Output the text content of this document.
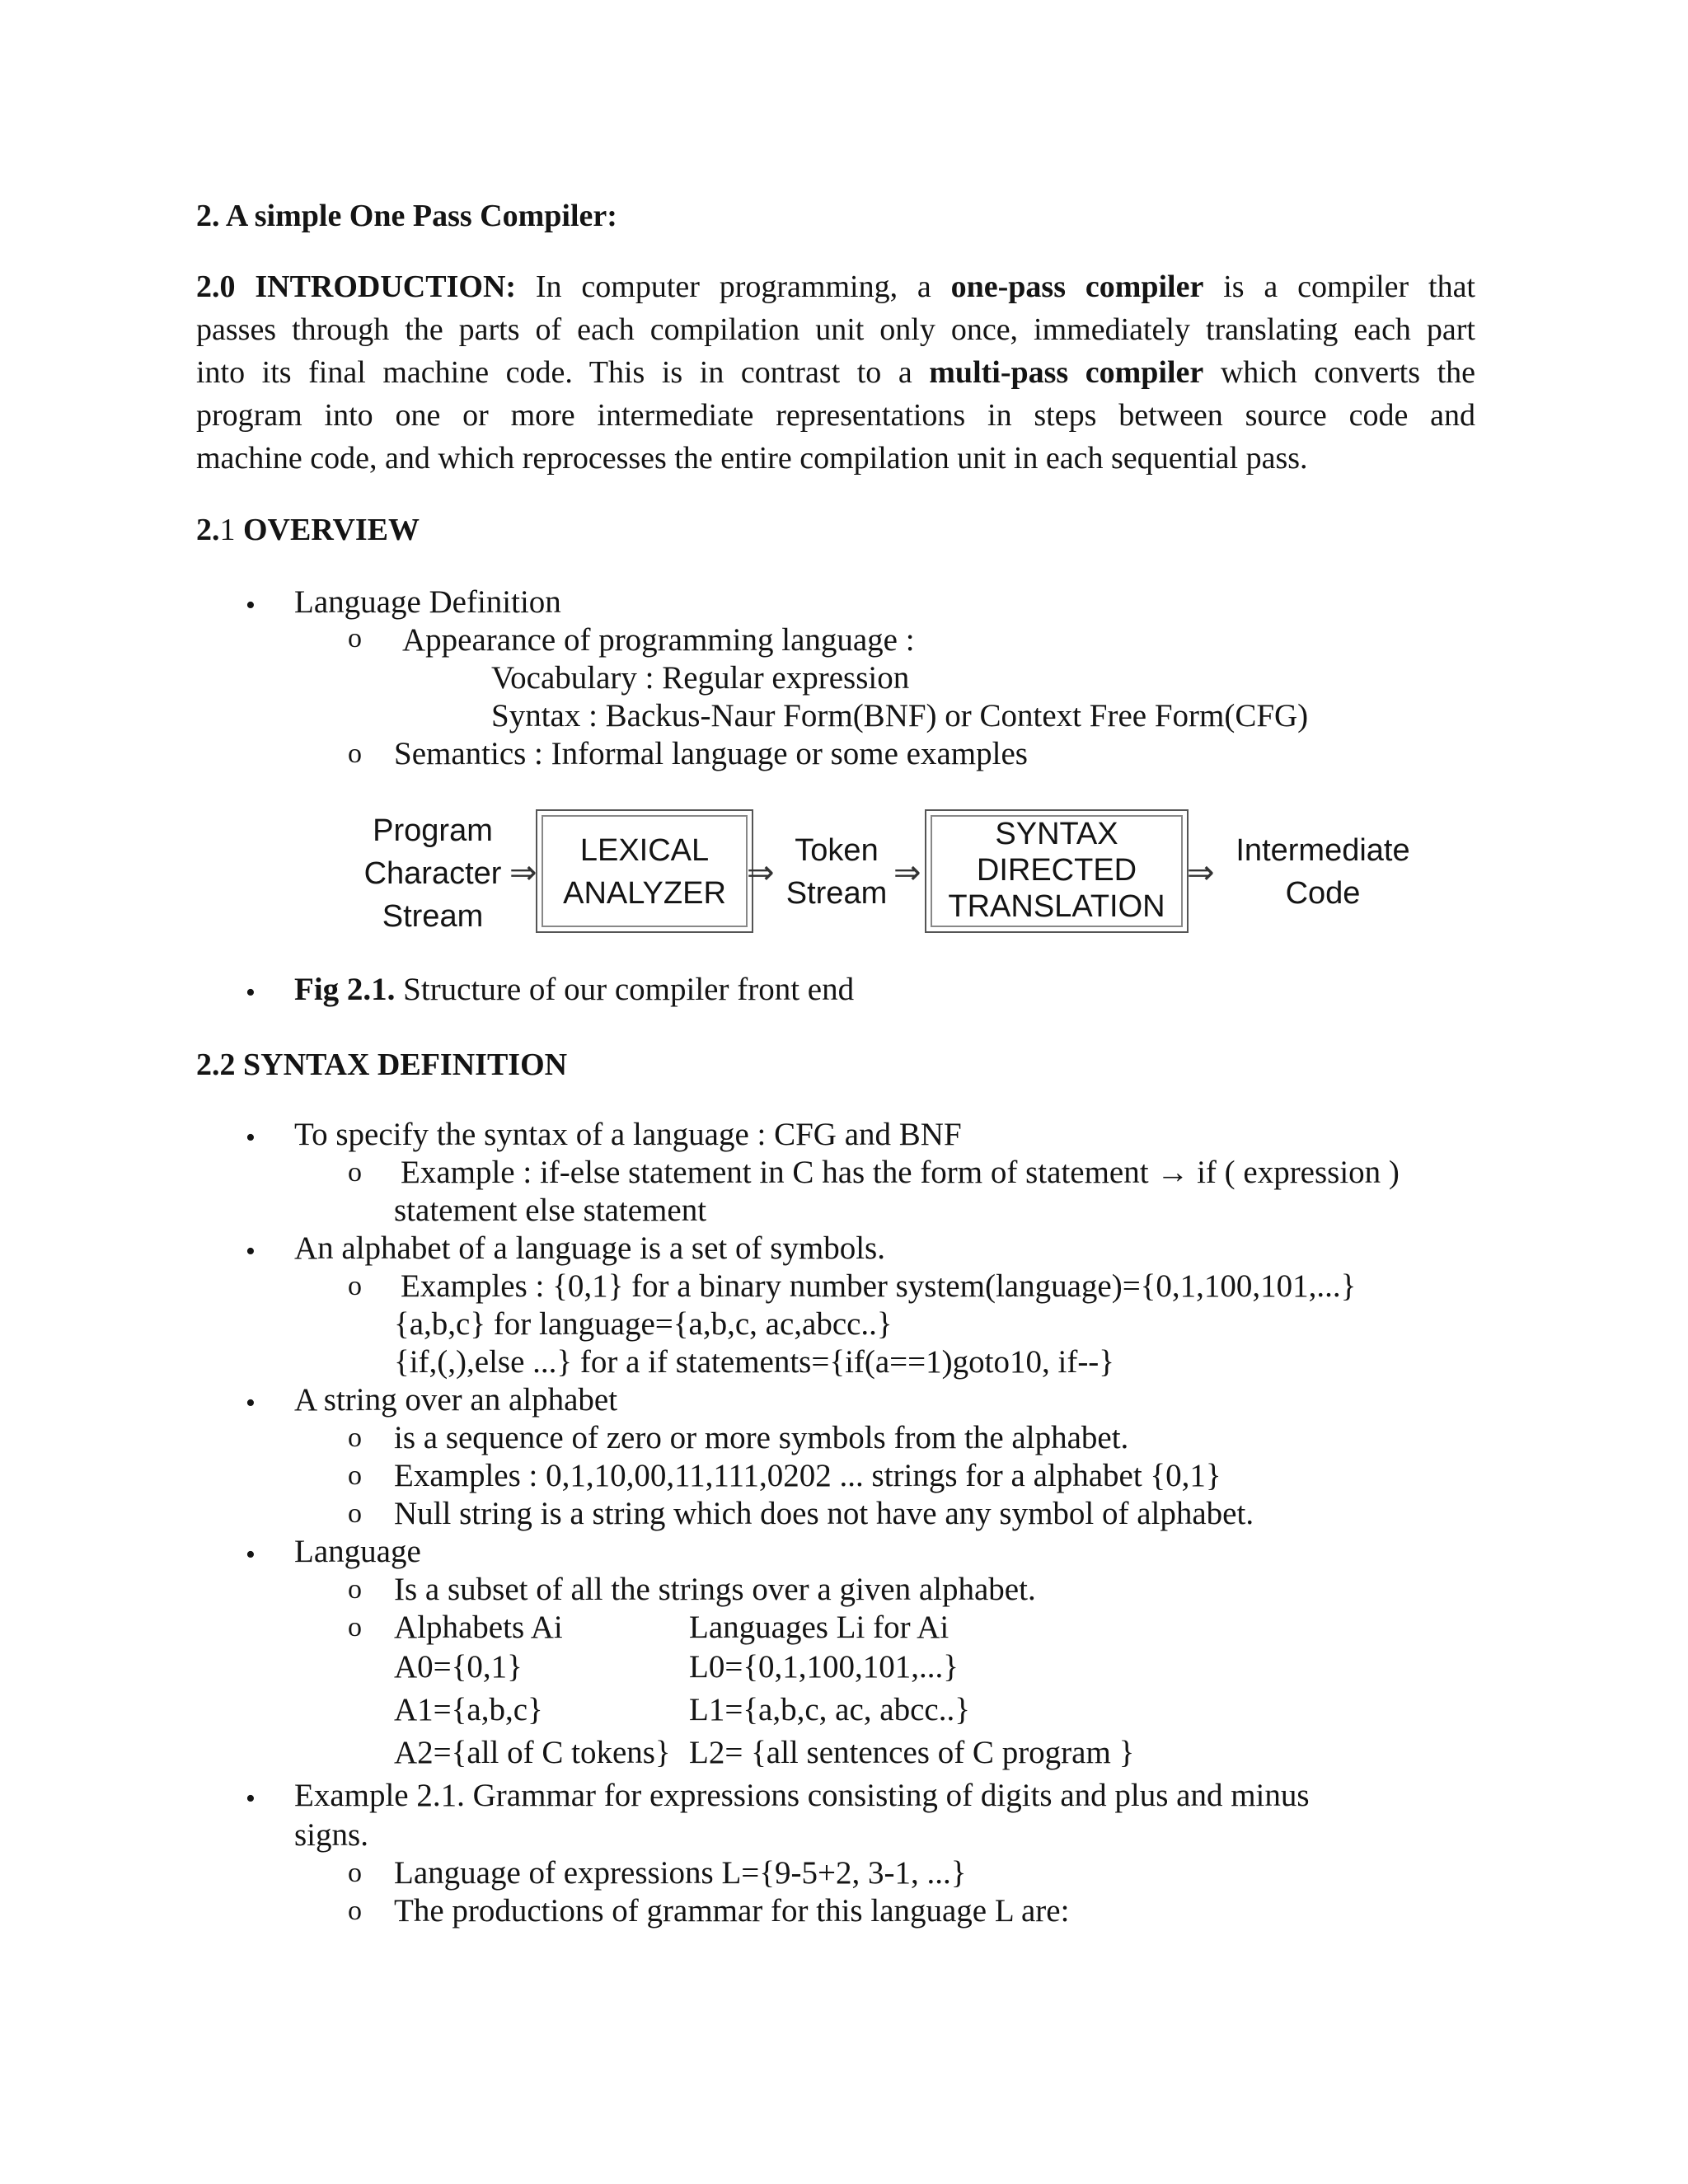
2. A simple One Pass Compiler:
2.0 INTRODUCTION: In computer programming, a one-pass compiler is a compiler that
passes through the parts of each compilation unit only once, immediately translating each part
into its final machine code. This is in contrast to a multi-pass compiler which converts the
program into one or more intermediate representations in steps between source code and
machine code, and which reprocesses the entire compilation unit in each sequential pass.
2.1 OVERVIEW
• Language Definition
o Appearance of programming language :
Vocabulary : Regular expression
Syntax : Backus-Naur Form(BNF) or Context Free Form(CFG)
o Semantics : Informal language or some examples
Program
Character
Stream
⇒
LEXICAL
ANALYZER
⇒
Token
Stream
⇒
SYNTAX
DIRECTED
TRANSLATION
⇒
Intermediate
Code
• Fig 2.1. Structure of our compiler front end
2.2 SYNTAX DEFINITION
• To specify the syntax of a language : CFG and BNF
o Example : if-else statement in C has the form of statement → if ( expression )
statement else statement
• An alphabet of a language is a set of symbols.
o Examples : {0,1} for a binary number system(language)={0,1,100,101,...}
{a,b,c} for language={a,b,c, ac,abcc..}
{if,(,),else ...} for a if statements={if(a==1)goto10, if--}
• A string over an alphabet
o is a sequence of zero or more symbols from the alphabet.
o Examples : 0,1,10,00,11,111,0202 ... strings for a alphabet {0,1}
o Null string is a string which does not have any symbol of alphabet.
• Language
o Is a subset of all the strings over a given alphabet.
o Alphabets Ai	Languages Li for Ai
A0={0,1}	L0={0,1,100,101,...}
A1={a,b,c}	L1={a,b,c, ac, abcc..}
A2={all of C tokens} L2= {all sentences of C program }
• Example 2.1. Grammar for expressions consisting of digits and plus and minus
signs.
o Language of expressions L={9-5+2, 3-1, ...}
o The productions of grammar for this language L are:
